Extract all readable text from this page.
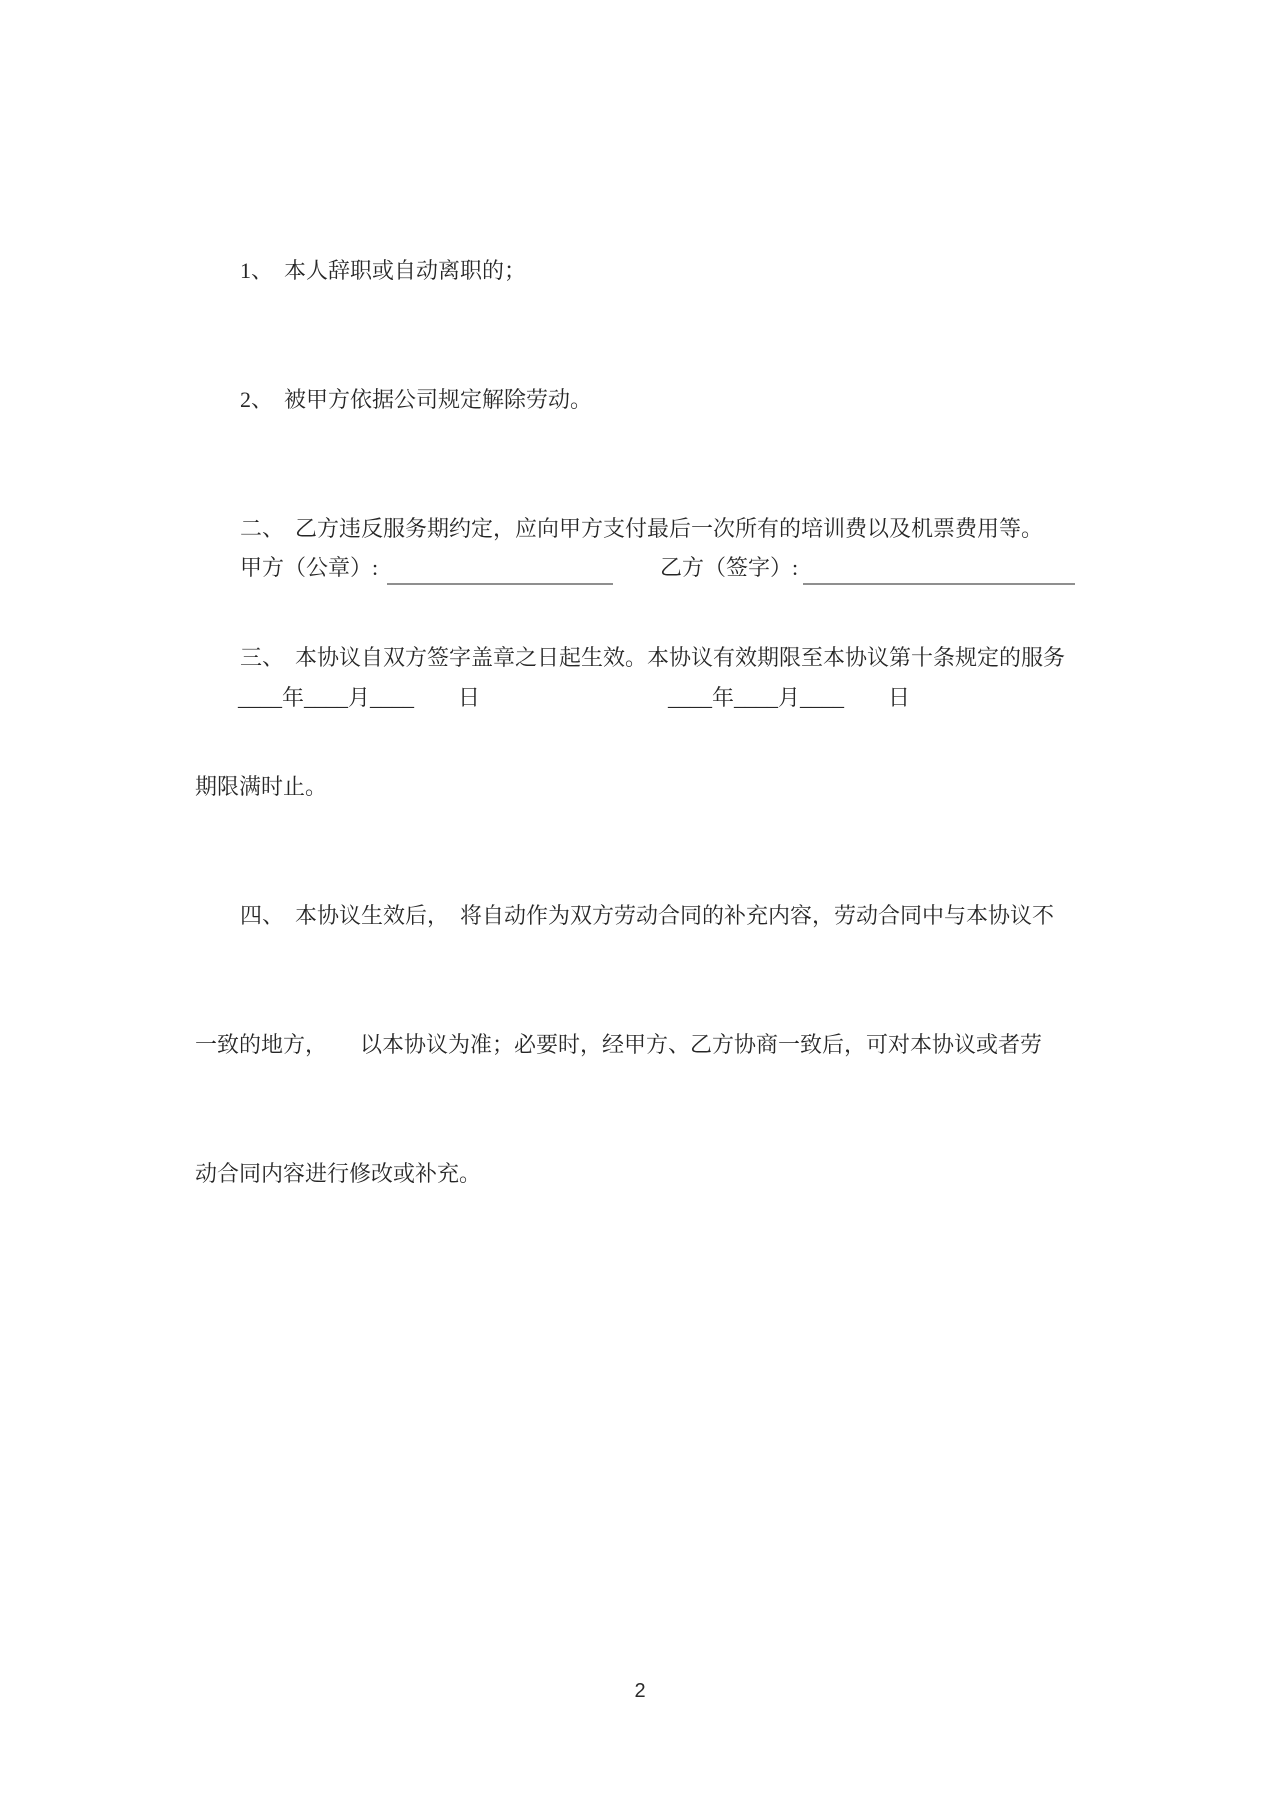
1、　本人辞职或自动离职的；

2、　被甲方依据公司规定解除劳动。

二、　乙方违反服务期约定，应向甲方支付最后一次所有的培训费以及机票费用等。

三、　本协议自双方签字盖章之日起生效。本协议有效期限至本协议第十条规定的服务

期限满时止。

四、　本协议生效后，　将自动作为双方劳动合同的补充内容，劳动合同中与本协议不

一致的地方，　　以本协议为准；必要时，经甲方、乙方协商一致后，可对本协议或者劳

动合同内容进行修改或补充。

甲方（公章）:	乙方（签字）:
____年____月____　　日	____年____月____　　日
2
